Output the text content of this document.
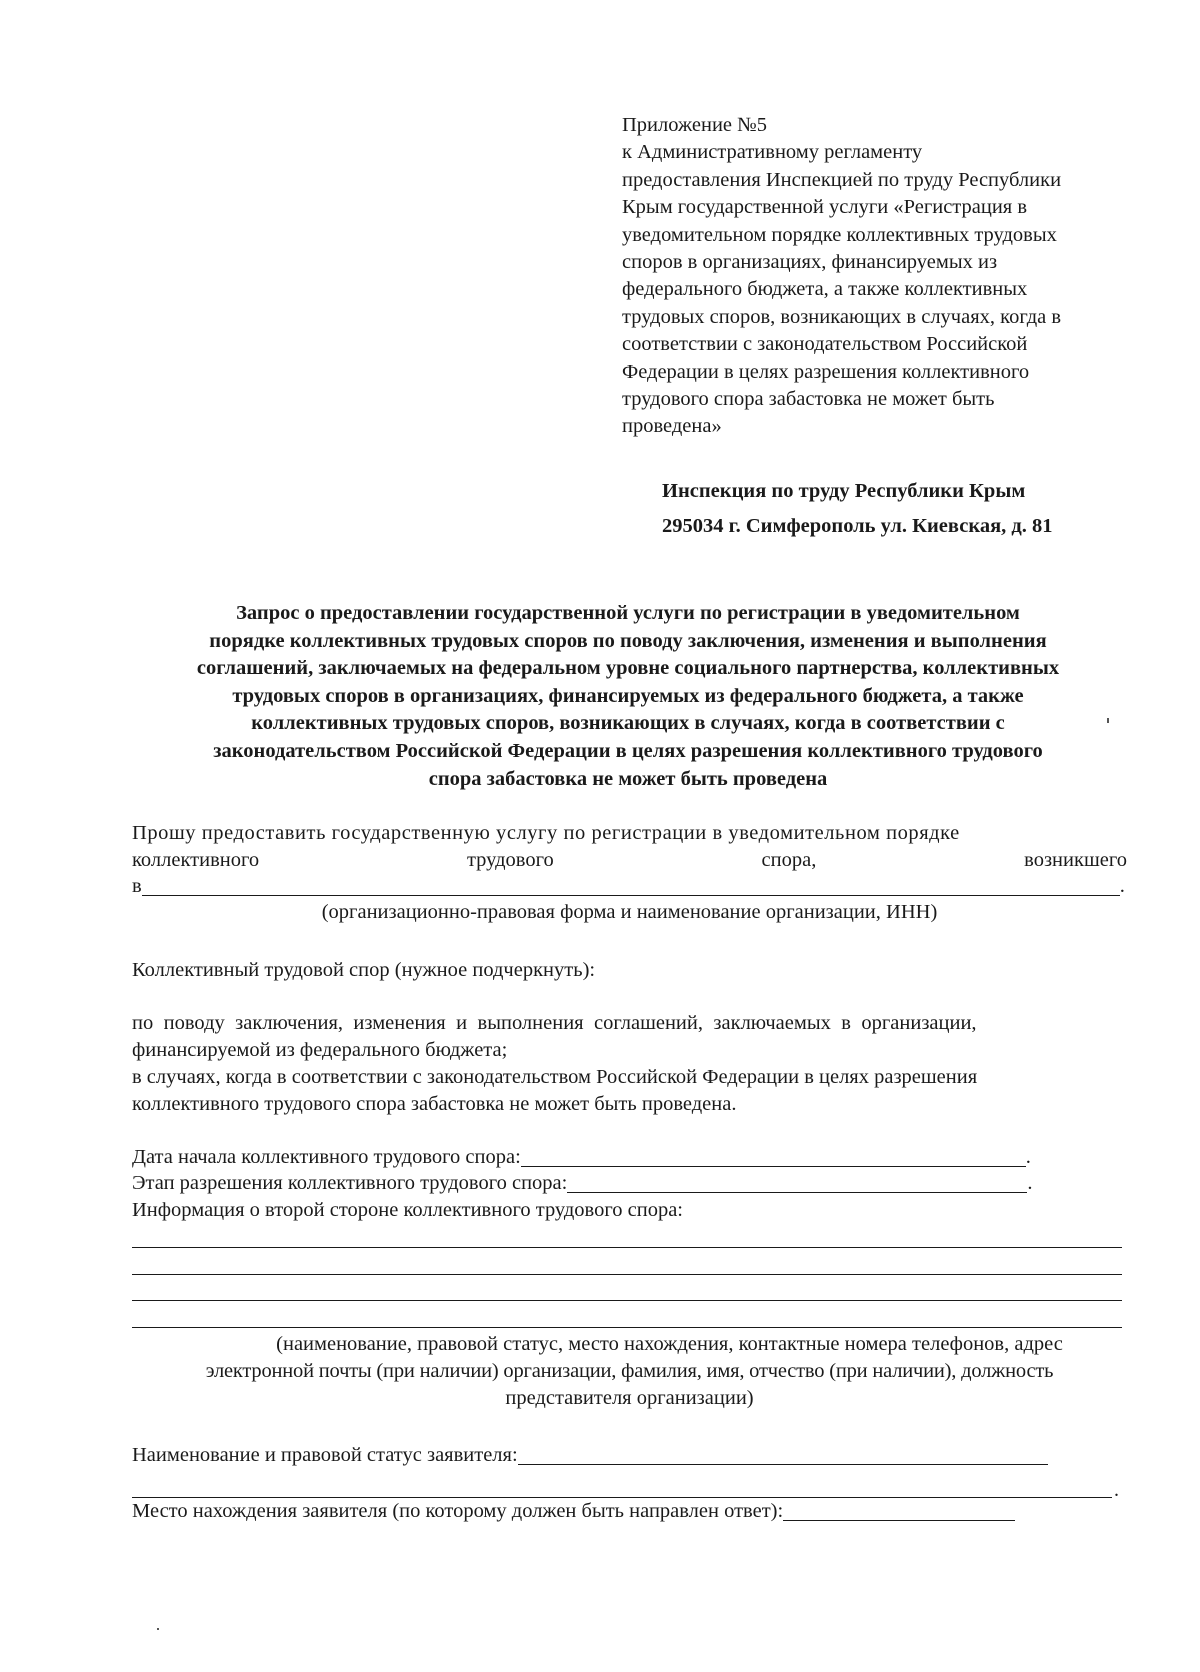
Приложение №5
к Административному регламенту
предоставления Инспекцией по труду Республики
Крым государственной услуги «Регистрация в
уведомительном порядке коллективных трудовых
споров в организациях, финансируемых из
федерального бюджета, а также коллективных
трудовых споров, возникающих в случаях, когда в
соответствии с законодательством Российской
Федерации в целях разрешения коллективного
трудового спора забастовка не может быть
проведена»
Инспекция по труду Республики Крым
295034 г. Симферополь ул. Киевская, д. 81
Запрос о предоставлении государственной услуги по регистрации в уведомительном
порядке коллективных трудовых споров по поводу заключения, изменения и выполнения
соглашений, заключаемых на федеральном уровне социального партнерства, коллективных
трудовых споров в организациях, финансируемых из федерального бюджета, а также
коллективных трудовых споров, возникающих в случаях, когда в соответствии с
законодательством Российской Федерации в целях разрешения коллективного трудового
спора забастовка не может быть проведена
Прошу предоставить государственную услугу по регистрации в уведомительном порядке
коллективного	трудового	спора,	возникшего
в	.
(организационно-правовая форма и наименование организации, ИНН)
Коллективный трудовой спор (нужное подчеркнуть):
по поводу заключения, изменения и выполнения соглашений, заключаемых в организации,
финансируемой из федерального бюджета;
в случаях, когда в соответствии с законодательством Российской Федерации в целях разрешения
коллективного трудового спора забастовка не может быть проведена.
Дата начала коллективного трудового спора:	.
Этап разрешения коллективного трудового спора:	.
Информация о второй стороне коллективного трудового спора:
(наименование, правовой статус, место нахождения, контактные номера телефонов, адрес
электронной почты (при наличии) организации, фамилия, имя, отчество (при наличии), должность
представителя организации)
Наименование и правовой статус заявителя:
.
Место нахождения заявителя (по которому должен быть направлен ответ):
